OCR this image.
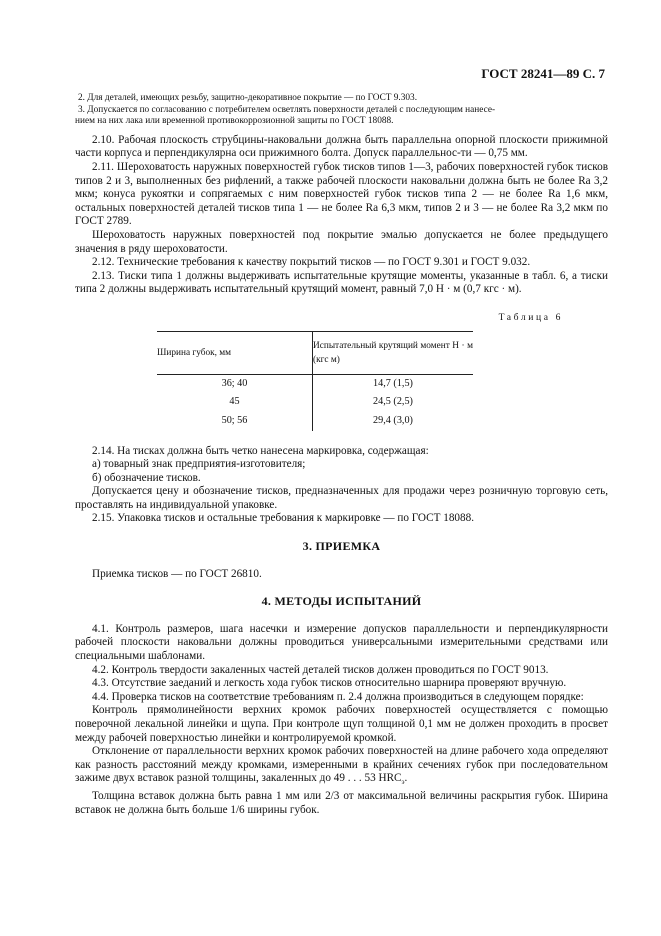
ГОСТ 28241—89 С. 7

2. Для деталей, имеющих резьбу, защитно-декоративное покрытие — по ГОСТ 9.303.

3. Допускается по согласованию с потребителем осветлять поверхности деталей с последующим нанесе-

нием на них лака или временной противокоррозионной защиты по ГОСТ 18088.

2.10. Рабочая плоскость струбцины-наковальни должна быть параллельна опорной плоскости прижимной части корпуса и перпендикулярна оси прижимного болта. Допуск параллельнос-ти — 0,75 мм.

2.11. Шероховатость наружных поверхностей губок тисков типов 1—3, рабочих поверхностей губок тисков типов 2 и 3, выполненных без рифлений, а также рабочей плоскости наковальни должна быть не более Ra 3,2 мкм; конуса рукоятки и сопрягаемых с ним поверхностей губок тисков типа 2 — не более Ra 1,6 мкм, остальных поверхностей деталей тисков типа 1 — не более Ra 6,3 мкм, типов 2 и 3 — не более Ra 3,2 мкм по ГОСТ 2789.

Шероховатость наружных поверхностей под покрытие эмалью допускается не более предыдущего значения в ряду шероховатости.

2.12. Технические требования к качеству покрытий тисков — по ГОСТ 9.301 и ГОСТ 9.032.

2.13. Тиски типа 1 должны выдерживать испытательные крутящие моменты, указанные в табл. 6, а тиски типа 2 должны выдерживать испытательный крутящий момент, равный 7,0 Н · м (0,7 кгс · м).

Таблица 6
Ширина губок, мм	Испытательный крутящий момент Н · м (кгс м)
36; 40	14,7 (1,5)
45	24,5 (2,5)
50; 56	29,4 (3,0)

2.14. На тисках должна быть четко нанесена маркировка, содержащая:

а) товарный знак предприятия-изготовителя;

б) обозначение тисков.

Допускается цену и обозначение тисков, предназначенных для продажи через розничную торговую сеть, проставлять на индивидуальной упаковке.

2.15. Упаковка тисков и остальные требования к маркировке — по ГОСТ 18088.

3. ПРИЕМКА

Приемка тисков — по ГОСТ 26810.

4. МЕТОДЫ ИСПЫТАНИЙ

4.1. Контроль размеров, шага насечки и измерение допусков параллельности и перпендикулярности рабочей плоскости наковальни должны проводиться универсальными измерительными средствами или специальными шаблонами.

4.2. Контроль твердости закаленных частей деталей тисков должен проводиться по ГОСТ 9013.

4.3. Отсутствие заеданий и легкость хода губок тисков относительно шарнира проверяют вручную.

4.4. Проверка тисков на соответствие требованиям п. 2.4 должна производиться в следующем порядке:

Контроль прямолинейности верхних кромок рабочих поверхностей осуществляется с помощью поверочной лекальной линейки и щупа. При контроле щуп толщиной 0,1 мм не должен проходить в просвет между рабочей поверхностью линейки и контролируемой кромкой.

Отклонение от параллельности верхних кромок рабочих поверхностей на длине рабочего хода определяют как разность расстояний между кромками, измеренными в крайних сечениях губок при последовательном зажиме двух вставок разной толщины, закаленных до 49 . . . 53 $HRC_э$.

Толщина вставок должна быть равна 1 мм или 2/3 от максимальной величины раскрытия губок. Ширина вставок не должна быть больше 1/6 ширины губок.
